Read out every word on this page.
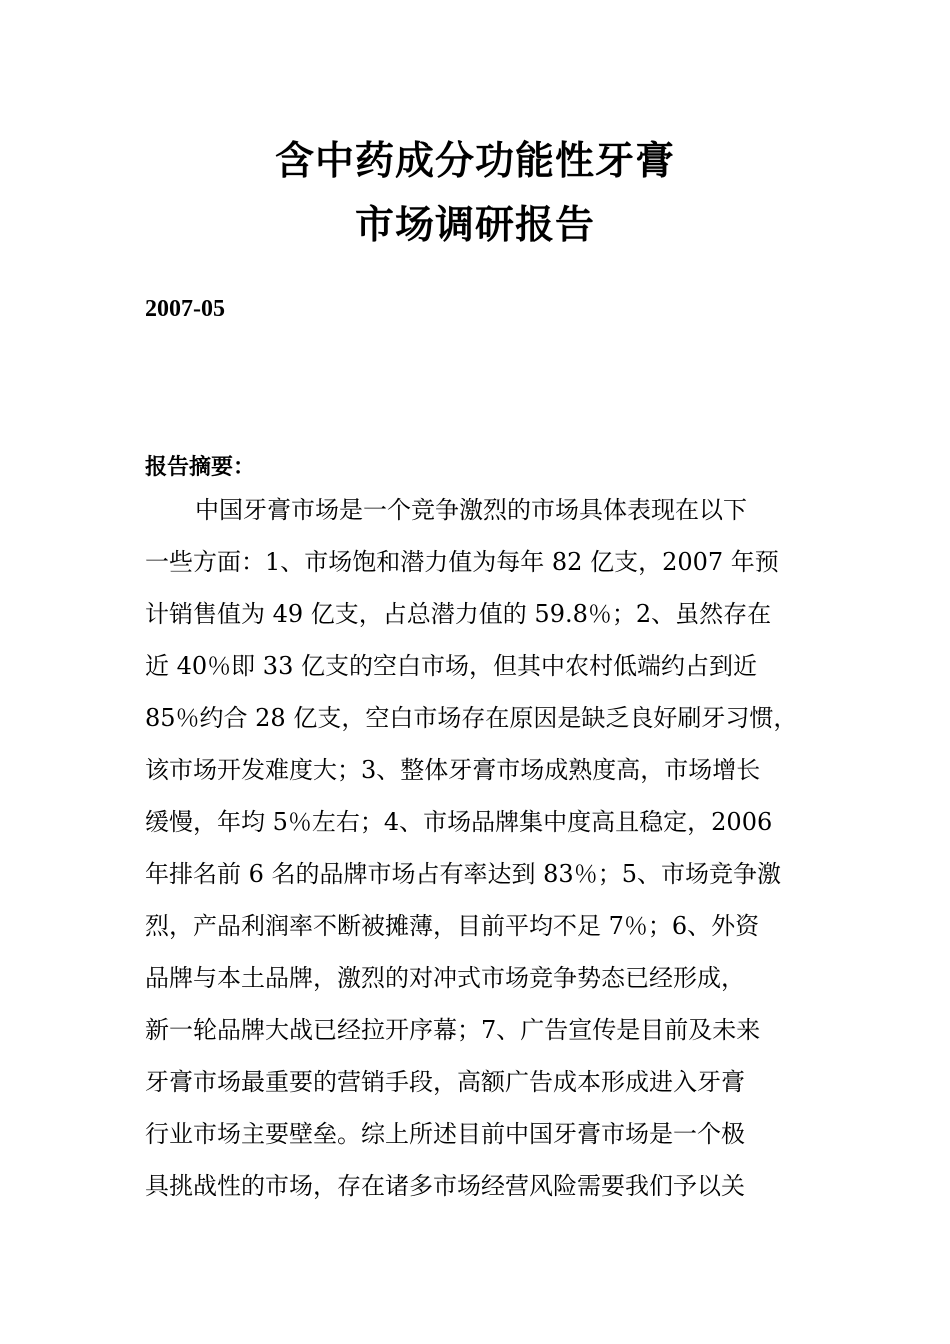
含中药成分功能性牙膏
市场调研报告
2007-05
报告摘要：
中国牙膏市场是一个竞争激烈的市场具体表现在以下
一些方面：1、市场饱和潜力值为每年 82 亿支，2007 年预
计销售值为 49 亿支，占总潜力值的 59.8％；2、虽然存在
近 40％即 33 亿支的空白市场，但其中农村低端约占到近
85％约合 28 亿支，空白市场存在原因是缺乏良好刷牙习惯，
该市场开发难度大；3、整体牙膏市场成熟度高，市场增长
缓慢，年均 5％左右；4、市场品牌集中度高且稳定，2006
年排名前 6 名的品牌市场占有率达到 83％；5、市场竞争激
烈，产品利润率不断被摊薄，目前平均不足 7％；6、外资
品牌与本土品牌，激烈的对冲式市场竞争势态已经形成，
新一轮品牌大战已经拉开序幕；7、广告宣传是目前及未来
牙膏市场最重要的营销手段，高额广告成本形成进入牙膏
行业市场主要壁垒。综上所述目前中国牙膏市场是一个极
具挑战性的市场，存在诸多市场经营风险需要我们予以关
